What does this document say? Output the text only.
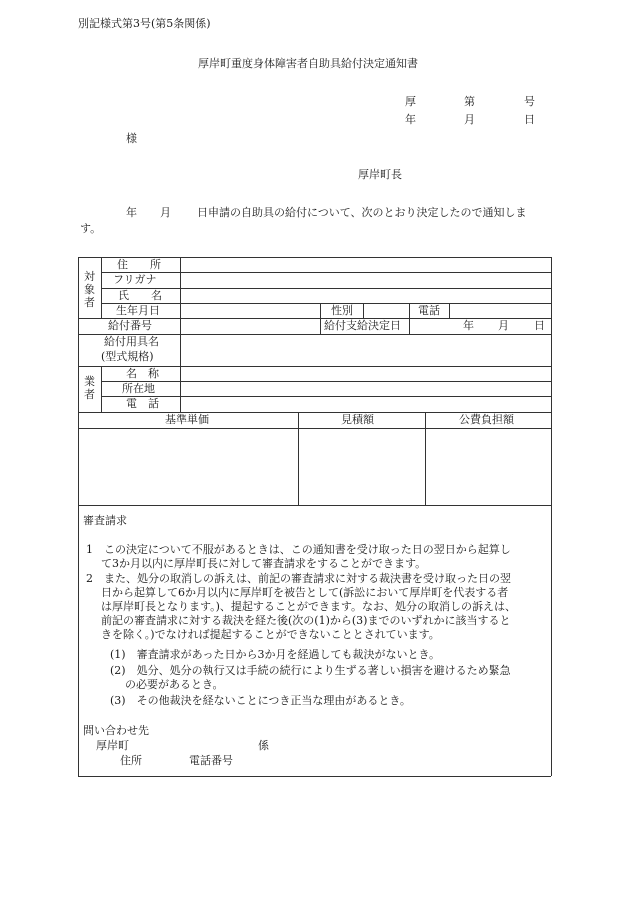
別記様式第3号(第5条関係)
厚岸町重度身体障害者自助具給付決定通知書
厚	第	号
年	月	日
様
厚岸町長
年 月 日申請の自助具の給付について、次のとおり決定したので通知しま
す。
対
象
者
住　　所
フリガナ
氏　　名
生年月日	性別	電話
給付番号	給付支給決定日	年 月 日
給付用具名
(型式規格)
業
者
名　称
所在地
電　話
基準単価	見積額	公費負担額
審査請求
1　この決定について不服があるときは、この通知書を受け取った日の翌日から起算し
て3か月以内に厚岸町長に対して審査請求をすることができます。
2　また、処分の取消しの訴えは、前記の審査請求に対する裁決書を受け取った日の翌
日から起算して6か月以内に厚岸町を被告として(訴訟において厚岸町を代表する者
は厚岸町長となります。)、提起することができます。なお、処分の取消しの訴えは、
前記の審査請求に対する裁決を経た後(次の(1)から(3)までのいずれかに該当すると
きを除く。)でなければ提起することができないこととされています。
(1)　審査請求があった日から3か月を経過しても裁決がないとき。
(2)　処分、処分の執行又は手続の続行により生ずる著しい損害を避けるため緊急
の必要があるとき。
(3)　その他裁決を経ないことにつき正当な理由があるとき。
問い合わせ先
厚岸町	係
住所	電話番号
